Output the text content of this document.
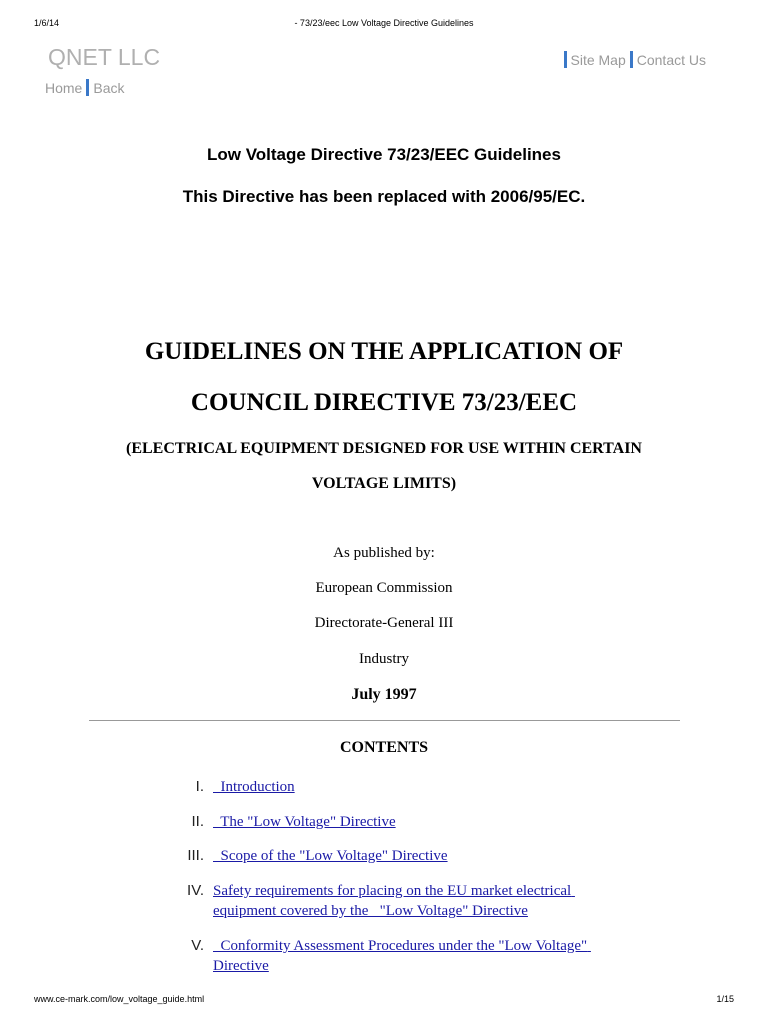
1/6/14	- 73/23/eec Low Voltage Directive Guidelines
QNET LLC	Site Map Contact Us
Home Back
Low Voltage Directive 73/23/EEC Guidelines
This Directive has been replaced with 2006/95/EC.
GUIDELINES ON THE APPLICATION OF
COUNCIL DIRECTIVE 73/23/EEC
(ELECTRICAL EQUIPMENT DESIGNED FOR USE WITHIN CERTAIN
VOLTAGE LIMITS)
As published by:
European Commission
Directorate-General III
Industry
July 1997
CONTENTS
I. Introduction
II. The "Low Voltage" Directive
III. Scope of the "Low Voltage" Directive
IV. Safety requirements for placing on the EU market electrical equipment covered by the   "Low Voltage" Directive
V. Conformity Assessment Procedures under the "Low Voltage" Directive
www.ce-mark.com/low_voltage_guide.html	1/15
